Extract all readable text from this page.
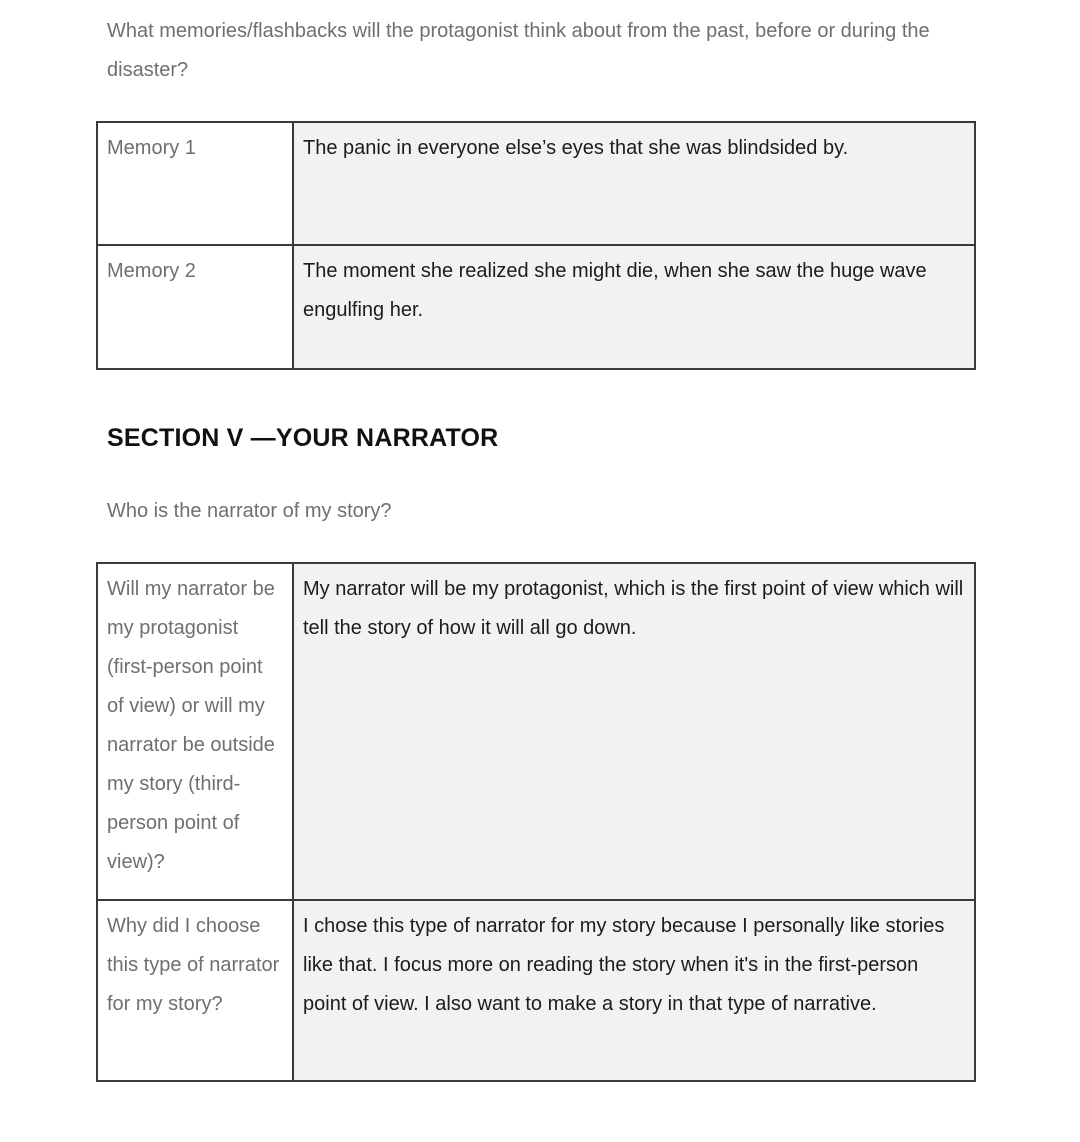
What memories/flashbacks will the protagonist think about from the past, before or during the disaster?

Memory 1	The panic in everyone else’s eyes that she was blindsided by.
Memory 2	The moment she realized she might die, when she saw the huge wave engulfing her.
SECTION V —YOUR NARRATOR

Who is the narrator of my story?

Will my narrator be my protagonist (first-person point of view) or will my narrator be outside my story (third-person point of view)?	My narrator will be my protagonist, which is the first point of view which will tell the story of how it will all go down.
Why did I choose this type of narrator for my story?	I chose this type of narrator for my story because I personally like stories like that. I focus more on reading the story when it's in the first-person point of view. I also want to make a story in that type of narrative.
